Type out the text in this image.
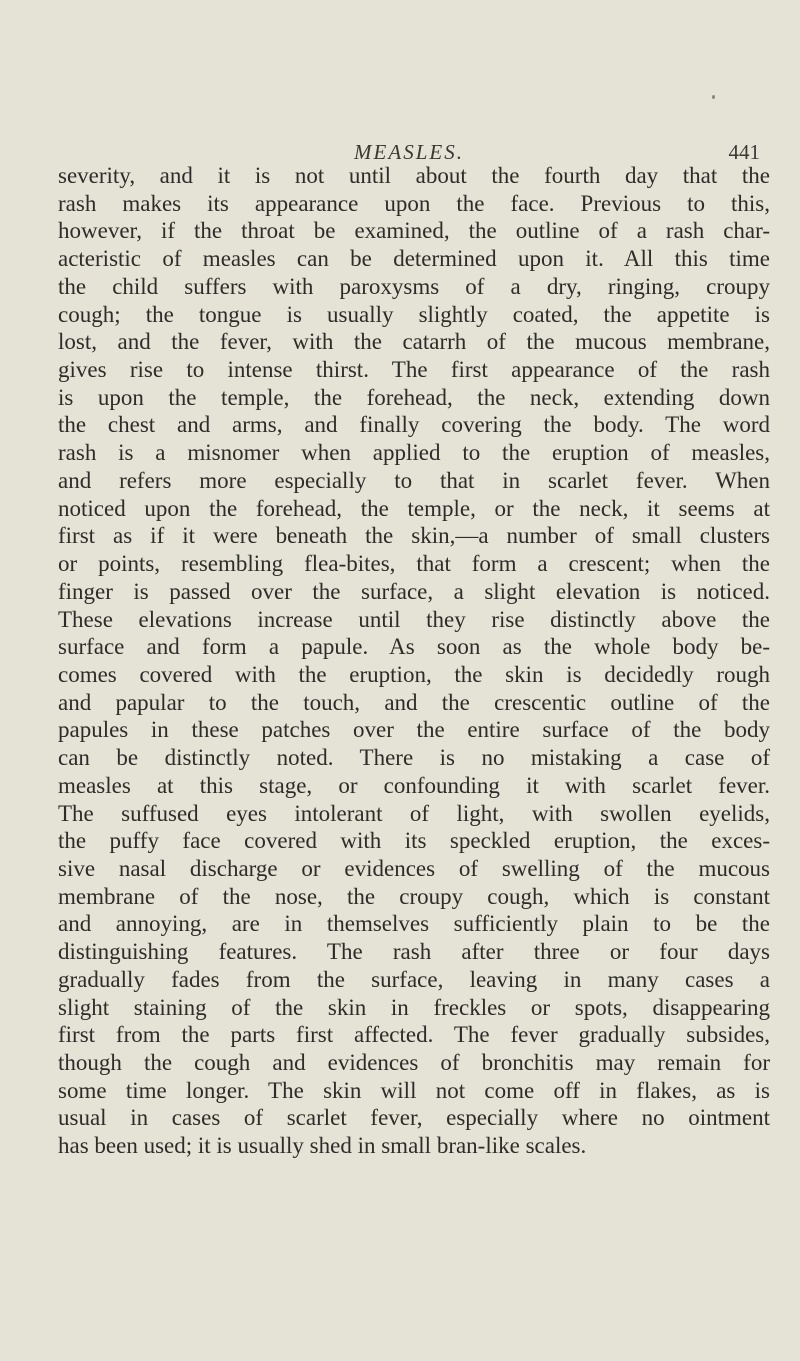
MEASLES.	441
severity, and it is not until about the fourth day that the
rash makes its appearance upon the face. Previous to this,
however, if the throat be examined, the outline of a rash char-
acteristic of measles can be determined upon it. All this time
the child suffers with paroxysms of a dry, ringing, croupy
cough; the tongue is usually slightly coated, the appetite is
lost, and the fever, with the catarrh of the mucous membrane,
gives rise to intense thirst. The first appearance of the rash
is upon the temple, the forehead, the neck, extending down
the chest and arms, and finally covering the body. The word
rash is a misnomer when applied to the eruption of measles,
and refers more especially to that in scarlet fever. When
noticed upon the forehead, the temple, or the neck, it seems at
first as if it were beneath the skin,—a number of small clusters
or points, resembling flea-bites, that form a crescent; when the
finger is passed over the surface, a slight elevation is noticed.
These elevations increase until they rise distinctly above the
surface and form a papule. As soon as the whole body be-
comes covered with the eruption, the skin is decidedly rough
and papular to the touch, and the crescentic outline of the
papules in these patches over the entire surface of the body
can be distinctly noted. There is no mistaking a case of
measles at this stage, or confounding it with scarlet fever.
The suffused eyes intolerant of light, with swollen eyelids,
the puffy face covered with its speckled eruption, the exces-
sive nasal discharge or evidences of swelling of the mucous
membrane of the nose, the croupy cough, which is constant
and annoying, are in themselves sufficiently plain to be the
distinguishing features. The rash after three or four days
gradually fades from the surface, leaving in many cases a
slight staining of the skin in freckles or spots, disappearing
first from the parts first affected. The fever gradually subsides,
though the cough and evidences of bronchitis may remain for
some time longer. The skin will not come off in flakes, as is
usual in cases of scarlet fever, especially where no ointment
has been used; it is usually shed in small bran-like scales.
